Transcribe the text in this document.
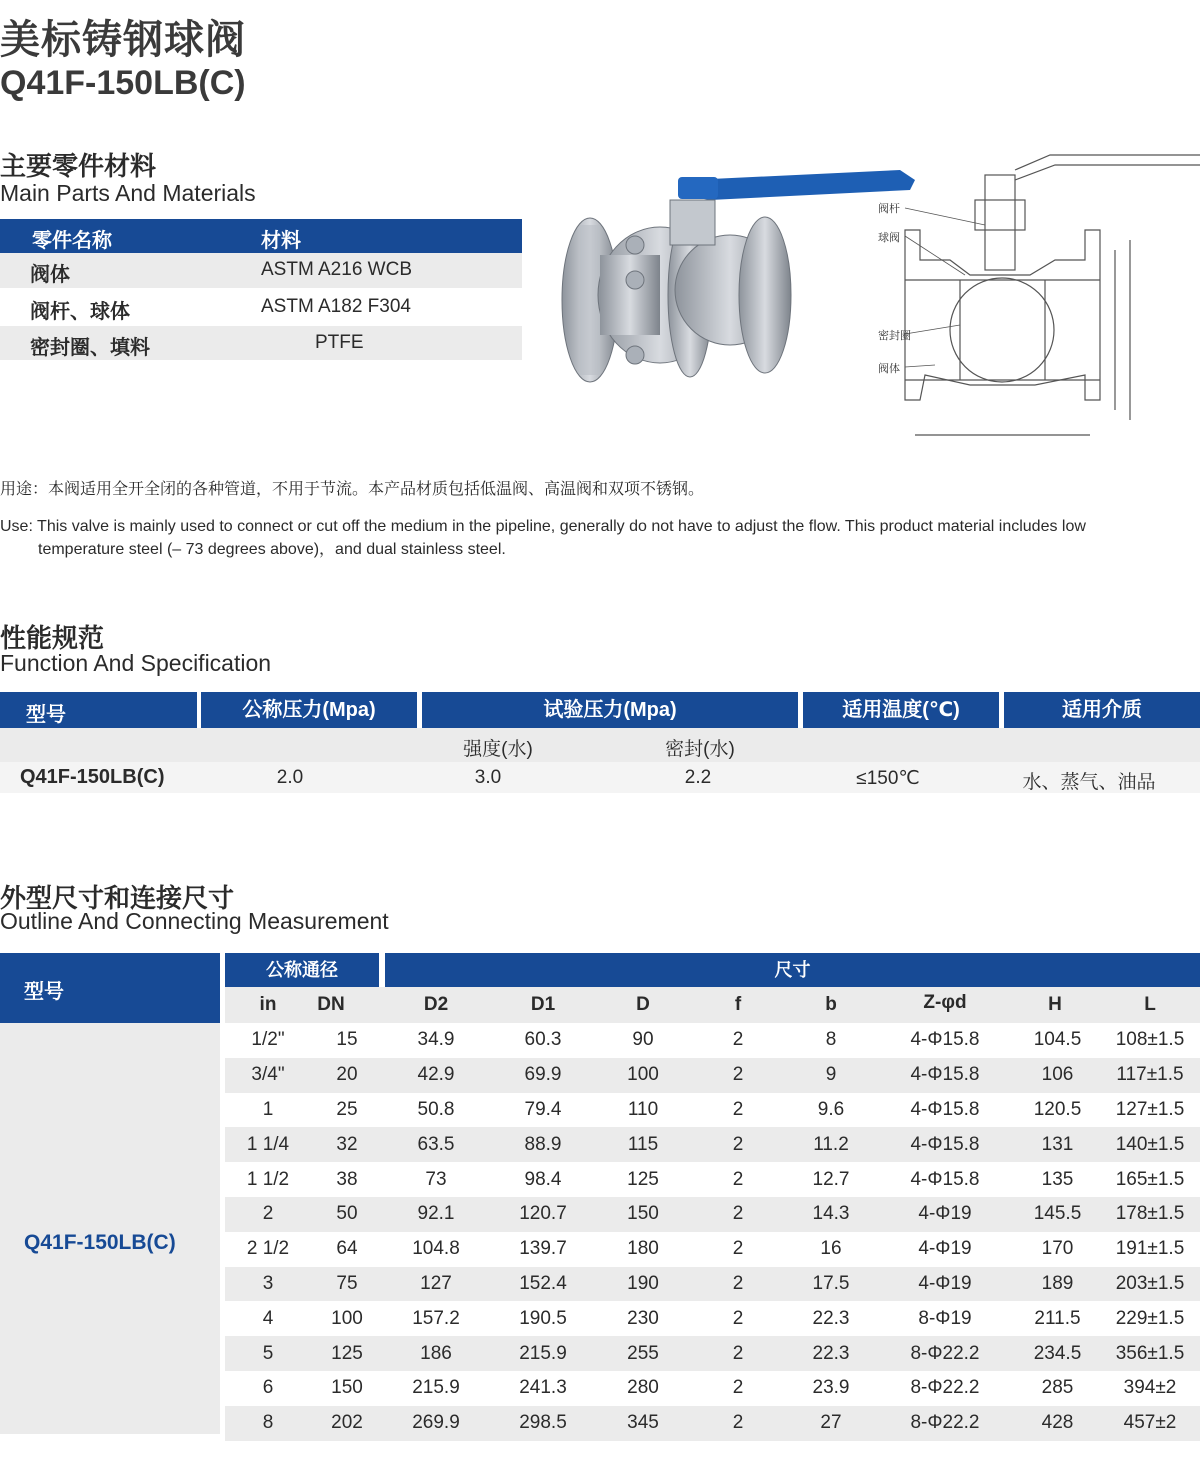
美标铸钢球阀
Q41F-150LB(C)
主要零件材料
Main Parts And Materials
零件名称	材料
阀体	ASTM A216 WCB
阀杆、球体	ASTM A182 F304
密封圈、填料	PTFE
阀杆
球阀
密封圈
阀体
用途：本阀适用全开全闭的各种管道，不用于节流。本产品材质包括低温阀、高温阀和双项不锈钢。
Use: This valve is mainly used to connect or cut off the medium in the pipeline, generally do not have to adjust the flow. This product material includes low
temperature steel (– 73 degrees above)，and dual stainless steel.
性能规范
Function And Specification
型号	公称压力(Mpa)	试验压力(Mpa)	适用温度(℃)	适用介质
强度(水)	密封(水)
Q41F-150LB(C)	2.0	3.0	2.2	≤150℃	水、蒸气、油品
外型尺寸和连接尺寸
Outline And Connecting Measurement
型号
公称通径	尺寸
in	DN	D2	D1	D	f	b	Z-φd	H	L
Q41F-150LB(C)
1/2"	15	34.9	60.3	90	2	8	4-Φ15.8	104.5	108±1.5
3/4"	20	42.9	69.9	100	2	9	4-Φ15.8	106	117±1.5
1	25	50.8	79.4	110	2	9.6	4-Φ15.8	120.5	127±1.5
1 1/4	32	63.5	88.9	115	2	11.2	4-Φ15.8	131	140±1.5
1 1/2	38	73	98.4	125	2	12.7	4-Φ15.8	135	165±1.5
2	50	92.1	120.7	150	2	14.3	4-Φ19	145.5	178±1.5
2 1/2	64	104.8	139.7	180	2	16	4-Φ19	170	191±1.5
3	75	127	152.4	190	2	17.5	4-Φ19	189	203±1.5
4	100	157.2	190.5	230	2	22.3	8-Φ19	211.5	229±1.5
5	125	186	215.9	255	2	22.3	8-Φ22.2	234.5	356±1.5
6	150	215.9	241.3	280	2	23.9	8-Φ22.2	285	394±2
8	202	269.9	298.5	345	2	27	8-Φ22.2	428	457±2
